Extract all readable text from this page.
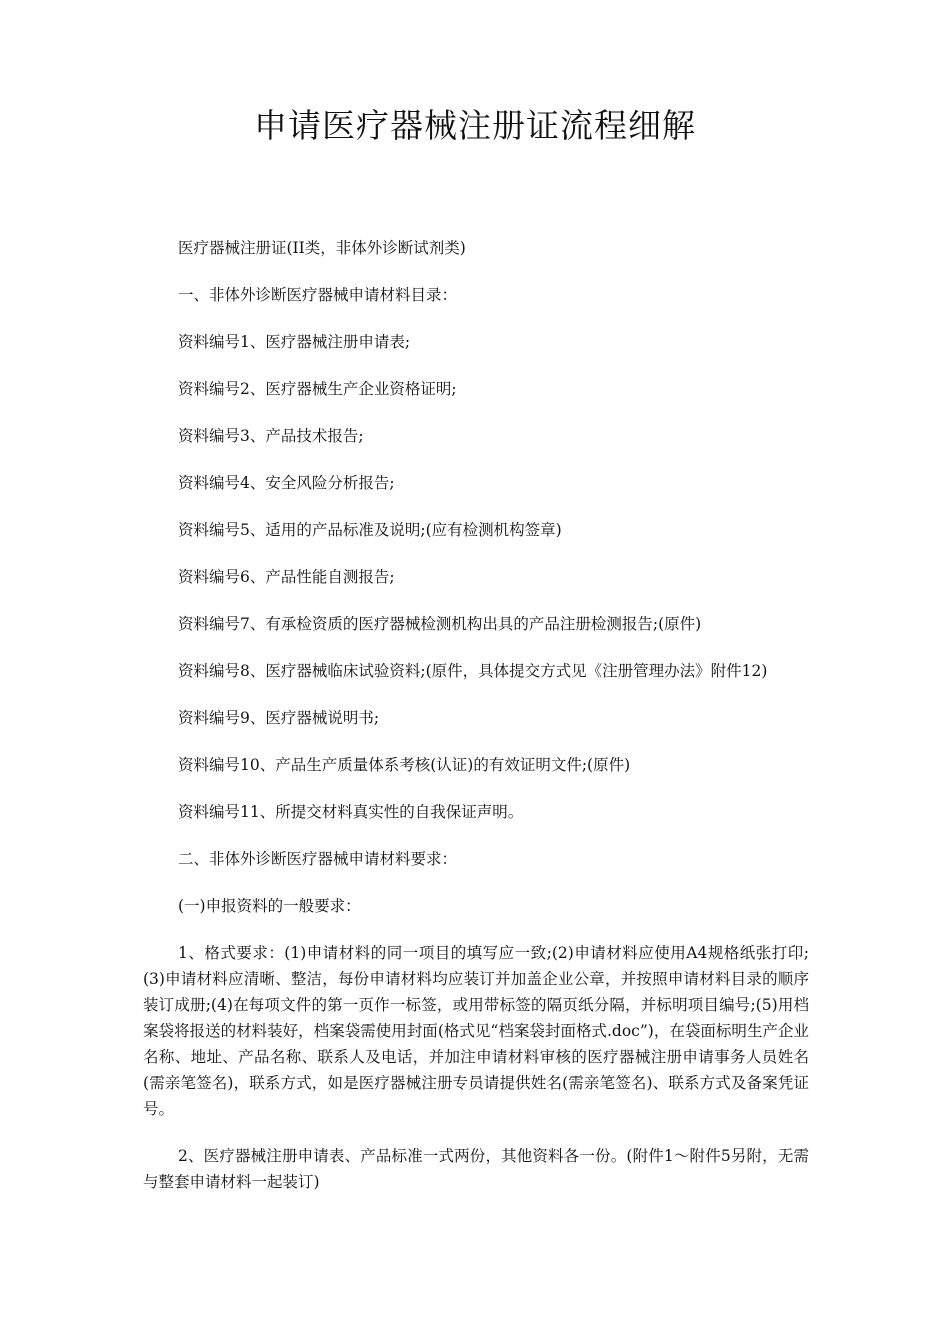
申请医疗器械注册证流程细解

医疗器械注册证(II类，非体外诊断试剂类)

一、非体外诊断医疗器械申请材料目录：

资料编号1、医疗器械注册申请表;

资料编号2、医疗器械生产企业资格证明;

资料编号3、产品技术报告;

资料编号4、安全风险分析报告;

资料编号5、适用的产品标准及说明;(应有检测机构签章)

资料编号6、产品性能自测报告;

资料编号7、有承检资质的医疗器械检测机构出具的产品注册检测报告;(原件)

资料编号8、医疗器械临床试验资料;(原件，具体提交方式见《注册管理办法》附件12)

资料编号9、医疗器械说明书;

资料编号10、产品生产质量体系考核(认证)的有效证明文件;(原件)

资料编号11、所提交材料真实性的自我保证声明。

二、非体外诊断医疗器械申请材料要求：

(一)申报资料的一般要求：

1、格式要求：(1)申请材料的同一项目的填写应一致;(2)申请材料应使用A4规格纸张打印;(3)申请材料应清晰、整洁，每份申请材料均应装订并加盖企业公章，并按照申请材料目录的顺序装订成册;(4)在每项文件的第一页作一标签，或用带标签的隔页纸分隔，并标明项目编号;(5)用档案袋将报送的材料装好，档案袋需使用封面(格式见“档案袋封面格式.doc”)，在袋面标明生产企业名称、地址、产品名称、联系人及电话，并加注申请材料审核的医疗器械注册申请事务人员姓名(需亲笔签名)，联系方式，如是医疗器械注册专员请提供姓名(需亲笔签名)、联系方式及备案凭证号。

2、医疗器械注册申请表、产品标准一式两份，其他资料各一份。(附件1～附件5另附，无需与整套申请材料一起装订)
